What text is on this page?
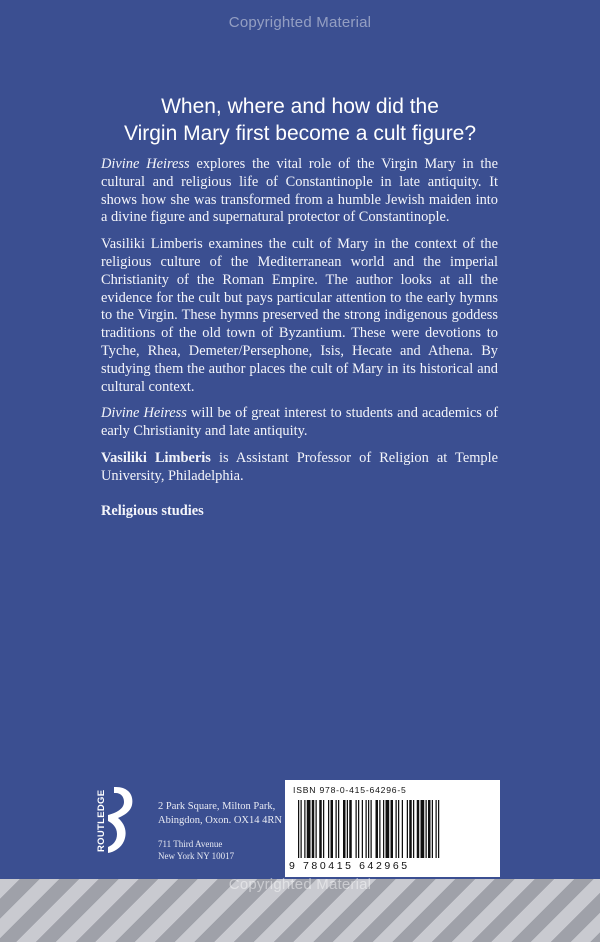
Copyrighted Material
When, where and how did the
Virgin Mary first become a cult figure?

Divine Heiress explores the vital role of the Virgin Mary in the cultural and religious life of Constantinople in late antiquity. It shows how she was transformed from a humble Jewish maiden into a divine figure and supernatural protector of Constantinople.

Vasiliki Limberis examines the cult of Mary in the context of the religious culture of the Mediterranean world and the imperial Christianity of the Roman Empire. The author looks at all the evidence for the cult but pays particular attention to the early hymns to the Virgin. These hymns preserved the strong indigenous goddess traditions of the old town of Byzantium. These were devotions to Tyche, Rhea, Demeter/Persephone, Isis, Hecate and Athena. By studying them the author places the cult of Mary in its historical and cultural context.

Divine Heiress will be of great interest to students and academics of early Christianity and late antiquity.

Vasiliki Limberis is Assistant Professor of Religion at Temple University, Philadelphia.

Religious studies

ROUTLEDGE	2 Park Square, Milton Park,
Abingdon, Oxon. OX14 4RN
711 Third Avenue
New York NY 10017
ISBN 978-0-415-64296-5
9 780415 642965
Copyrighted Material
